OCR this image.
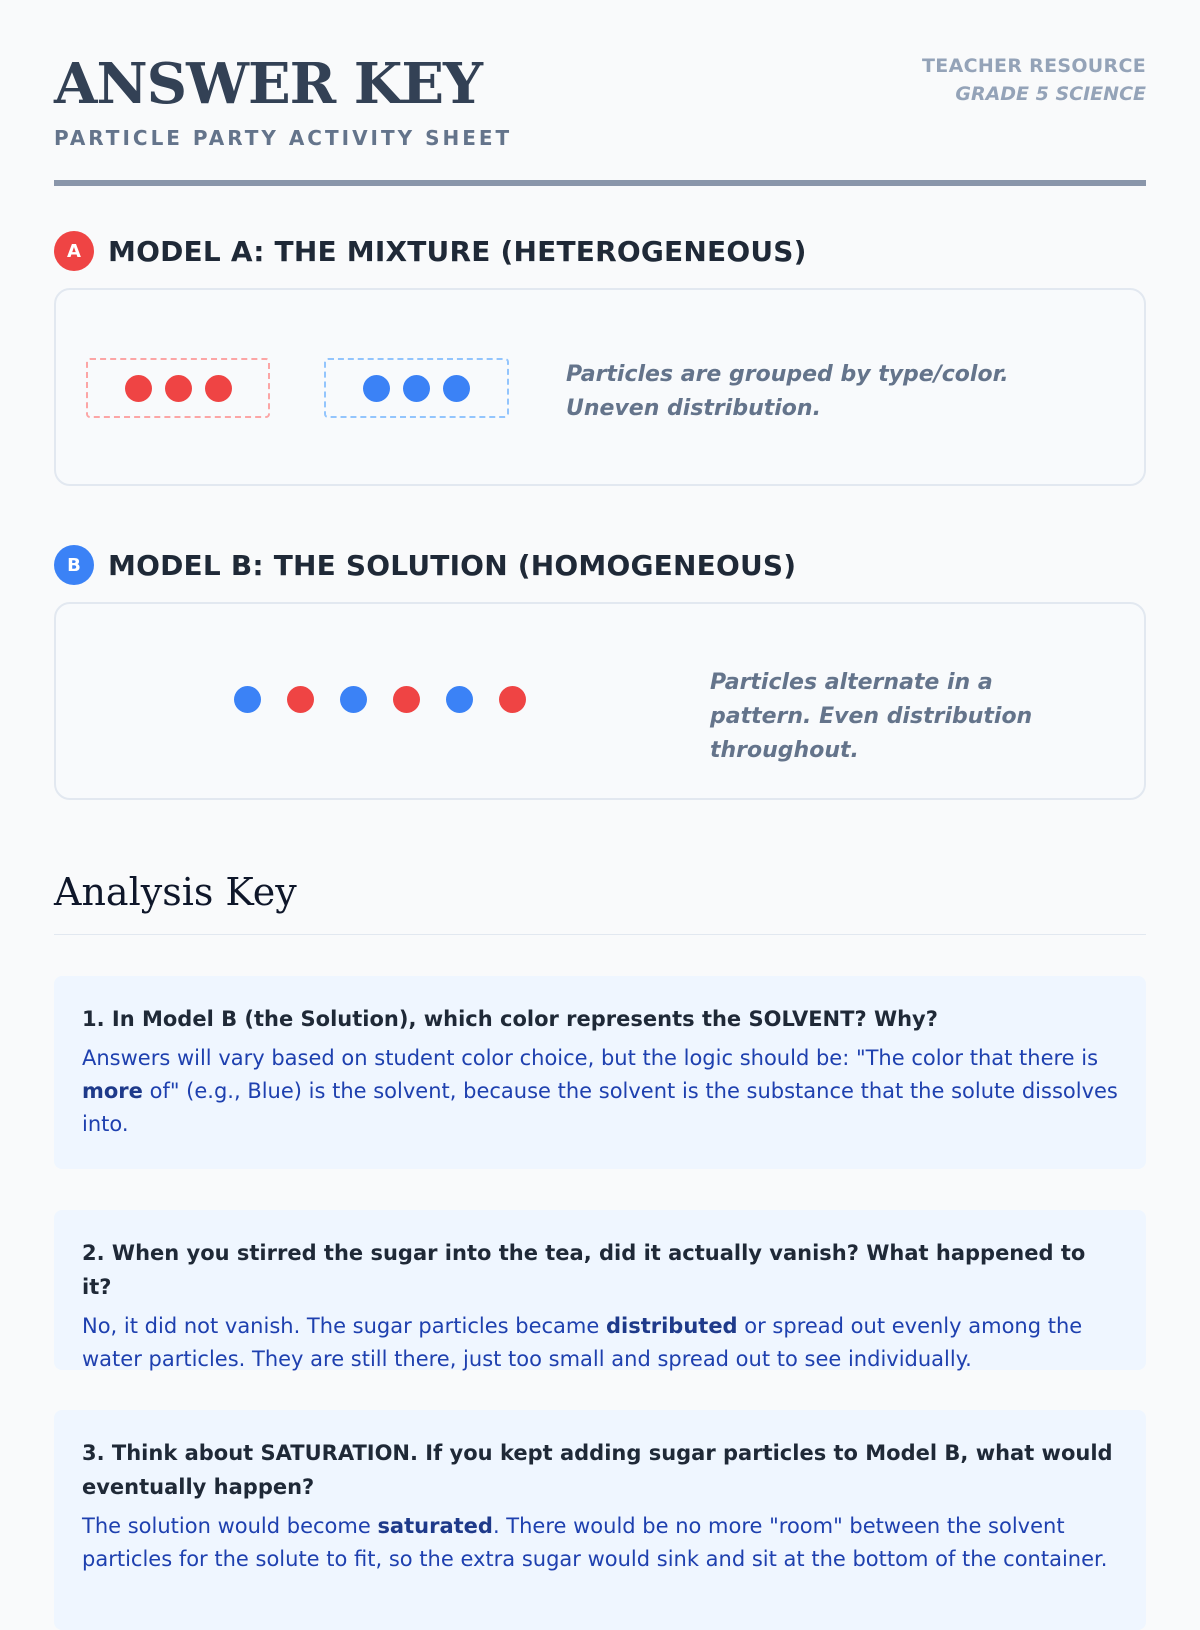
ANSWER KEY
PARTICLE PARTY ACTIVITY SHEET
TEACHER RESOURCE
GRADE 5 SCIENCE
A MODEL A: THE MIXTURE (HETEROGENEOUS)
Particles are grouped by type/color. Uneven distribution.
B MODEL B: THE SOLUTION (HOMOGENEOUS)
Particles alternate in a pattern. Even distribution throughout.
Analysis Key
1. In Model B (the Solution), which color represents the SOLVENT? Why?
Answers will vary based on student color choice, but the logic should be: "The color that there is more of" (e.g., Blue) is the solvent, because the solvent is the substance that the solute dissolves into.
2. When you stirred the sugar into the tea, did it actually vanish? What happened to it?
No, it did not vanish. The sugar particles became distributed or spread out evenly among the water particles. They are still there, just too small and spread out to see individually.
3. Think about SATURATION. If you kept adding sugar particles to Model B, what would eventually happen?
The solution would become saturated. There would be no more "room" between the solvent particles for the solute to fit, so the extra sugar would sink and sit at the bottom of the container.
